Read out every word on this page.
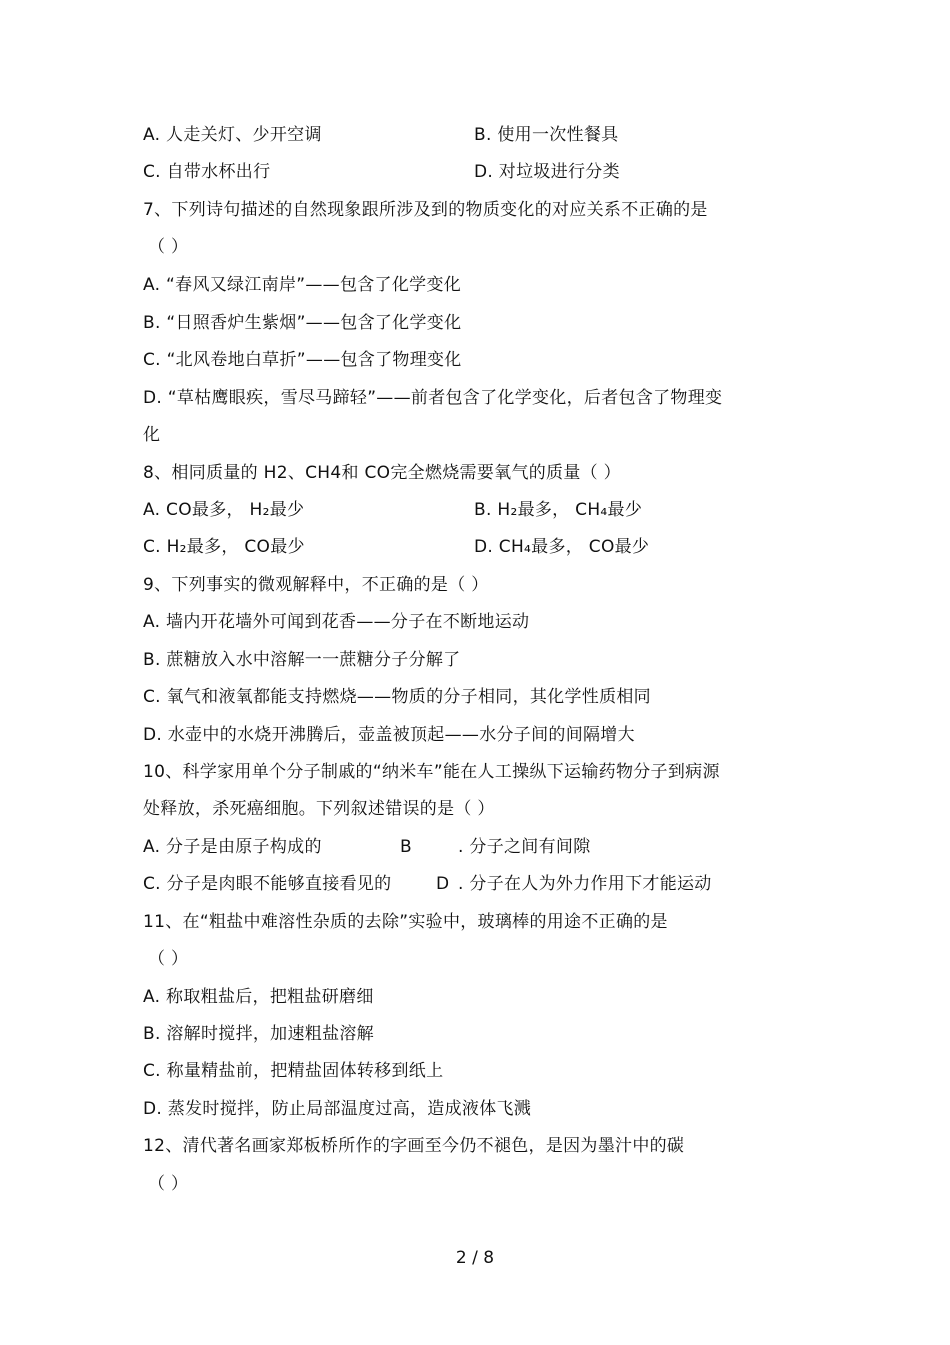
A. 人走关灯、少开空调	B. 使用一次性餐具
C. 自带水杯出行	D. 对垃圾进行分类
7、下列诗句描述的自然现象跟所涉及到的物质变化的对应关系不正确的是
（ ）
A. “春风又绿江南岸”——包含了化学变化
B. “日照香炉生紫烟”——包含了化学变化
C. “北风卷地白草折”——包含了物理变化
D. “草枯鹰眼疾，雪尽马蹄轻”——前者包含了化学变化，后者包含了物理变
化
8、相同质量的 H2、CH4和 CO完全燃烧需要氧气的质量（ ）
A. CO最多， H₂最少	B. H₂最多， CH₄最少
C. H₂最多， CO最少	D. CH₄最多， CO最少
9、下列事实的微观解释中，不正确的是（ ）
A. 墙内开花墙外可闻到花香——分子在不断地运动
B. 蔗糖放入水中溶解一一蔗糖分子分解了
C. 氧气和液氧都能支持燃烧——物质的分子相同，其化学性质相同
D. 水壶中的水烧开沸腾后，壶盖被顶起——水分子间的间隔增大
10、科学家用单个分子制戚的“纳米车”能在人工操纵下运输药物分子到病源
处释放，杀死癌细胞。下列叙述错误的是（ ）
A. 分子是由原子构成的	B	. 分子之间有间隙
C. 分子是肉眼不能够直接看见的	D . 分子在人为外力作用下才能运动
11、在“粗盐中难溶性杂质的去除”实验中，玻璃棒的用途不正确的是
（ ）
A. 称取粗盐后，把粗盐研磨细
B. 溶解时搅拌，加速粗盐溶解
C. 称量精盐前，把精盐固体转移到纸上
D. 蒸发时搅拌，防止局部温度过高，造成液体飞溅
12、清代著名画家郑板桥所作的字画至今仍不褪色，是因为墨汁中的碳
（ ）
2 / 8
